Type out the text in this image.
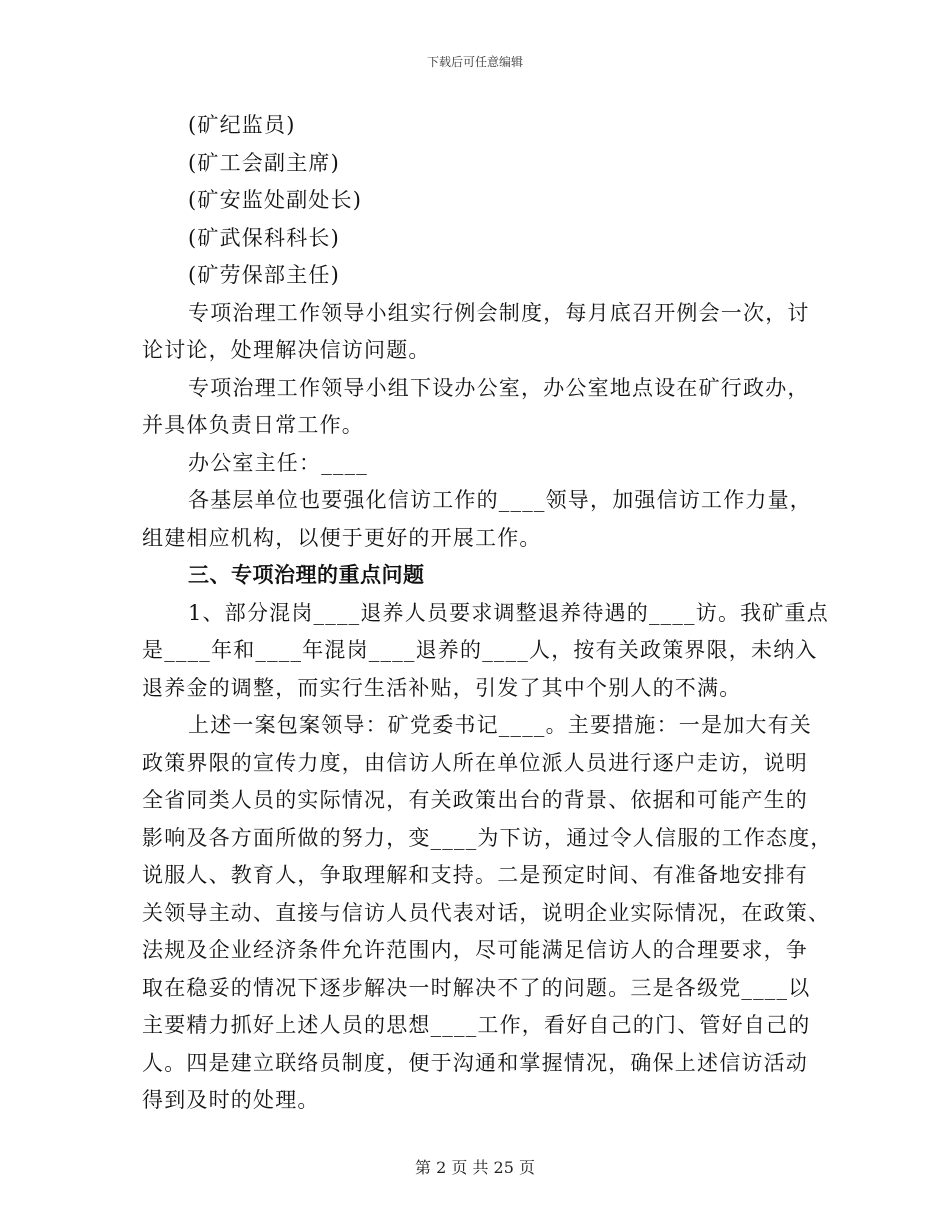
下载后可任意编辑
(矿纪监员)
(矿工会副主席)
(矿安监处副处长)
(矿武保科科长)
(矿劳保部主任)
专项治理工作领导小组实行例会制度，每月底召开例会一次，讨
论讨论，处理解决信访问题。
专项治理工作领导小组下设办公室，办公室地点设在矿行政办，
并具体负责日常工作。
办公室主任：____
各基层单位也要强化信访工作的____领导，加强信访工作力量，
组建相应机构，以便于更好的开展工作。
三、专项治理的重点问题
1、部分混岗____退养人员要求调整退养待遇的____访。我矿重点
是____年和____年混岗____退养的____人，按有关政策界限，未纳入
退养金的调整，而实行生活补贴，引发了其中个别人的不满。
上述一案包案领导：矿党委书记____。主要措施：一是加大有关
政策界限的宣传力度，由信访人所在单位派人员进行逐户走访，说明
全省同类人员的实际情况，有关政策出台的背景、依据和可能产生的
影响及各方面所做的努力，变____为下访，通过令人信服的工作态度，
说服人、教育人，争取理解和支持。二是预定时间、有准备地安排有
关领导主动、直接与信访人员代表对话，说明企业实际情况，在政策、
法规及企业经济条件允许范围内，尽可能满足信访人的合理要求，争
取在稳妥的情况下逐步解决一时解决不了的问题。三是各级党____以
主要精力抓好上述人员的思想____工作，看好自己的门、管好自己的
人。四是建立联络员制度，便于沟通和掌握情况，确保上述信访活动
得到及时的处理。
第 2 页 共 25 页
